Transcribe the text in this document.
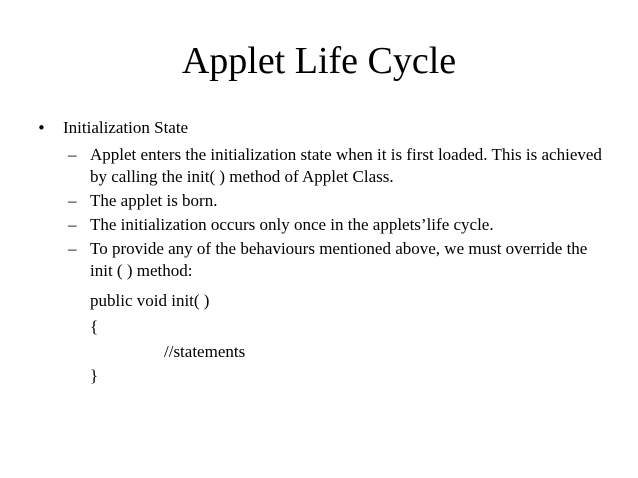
Applet Life Cycle
•	Initialization State
– Applet enters the initialization state when it is first loaded. This is achieved by calling the init( ) method of Applet Class.
– The applet is born.
– The initialization occurs only once in the applets’life cycle.
– To provide any of the behaviours mentioned above, we must override the init ( ) method:
public void init( )
{
//statements
}
